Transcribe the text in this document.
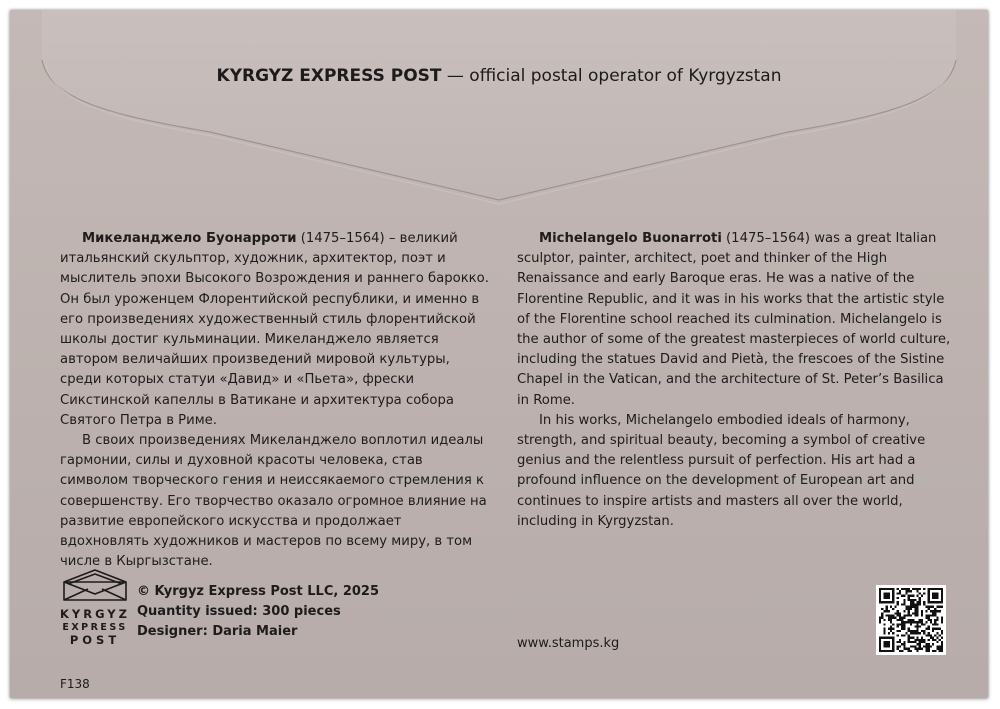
KYRGYZ EXPRESS POST — official postal operator of Kyrgyzstan

Микеланджело Буонарроти (1475–1564) – великий итальянский скульптор, художник, архитектор, поэт и мыслитель эпохи Высокого Возрождения и раннего барокко. Он был уроженцем Флорентийской республики, и именно в его произведениях художественный стиль флорентийской школы достиг кульминации. Микеланджело является автором величайших произведений мировой культуры, среди которых статуи «Давид» и «Пьета», фрески Сикстинской капеллы в Ватикане и архитектура собора Святого Петра в Риме.

В своих произведениях Микеланджело воплотил идеалы гармонии, силы и духовной красоты человека, став символом творческого гения и неиссякаемого стремления к совершенству. Его творчество оказало огромное влияние на развитие европейского искусства и продолжает вдохновлять художников и мастеров по всему миру, в том числе в Кыргызстане.

Michelangelo Buonarroti (1475–1564) was a great Italian sculptor, painter, architect, poet and thinker of the High Renaissance and early Baroque eras. He was a native of the Florentine Republic, and it was in his works that the artistic style of the Florentine school reached its culmination. Michelangelo is the author of some of the greatest masterpieces of world culture, including the statues David and Pietà, the frescoes of the Sistine Chapel in the Vatican, and the architecture of St. Peter’s Basilica in Rome.

In his works, Michelangelo embodied ideals of harmony, strength, and spiritual beauty, becoming a symbol of creative genius and the relentless pursuit of perfection. His art had a profound influence on the development of European art and continues to inspire artists and masters all over the world, including in Kyrgyzstan.

KYRGYZ
EXPRESS
POST
© Kyrgyz Express Post LLC, 2025
Quantity issued: 300 pieces
Designer: Daria Maier
F138
www.stamps.kg
